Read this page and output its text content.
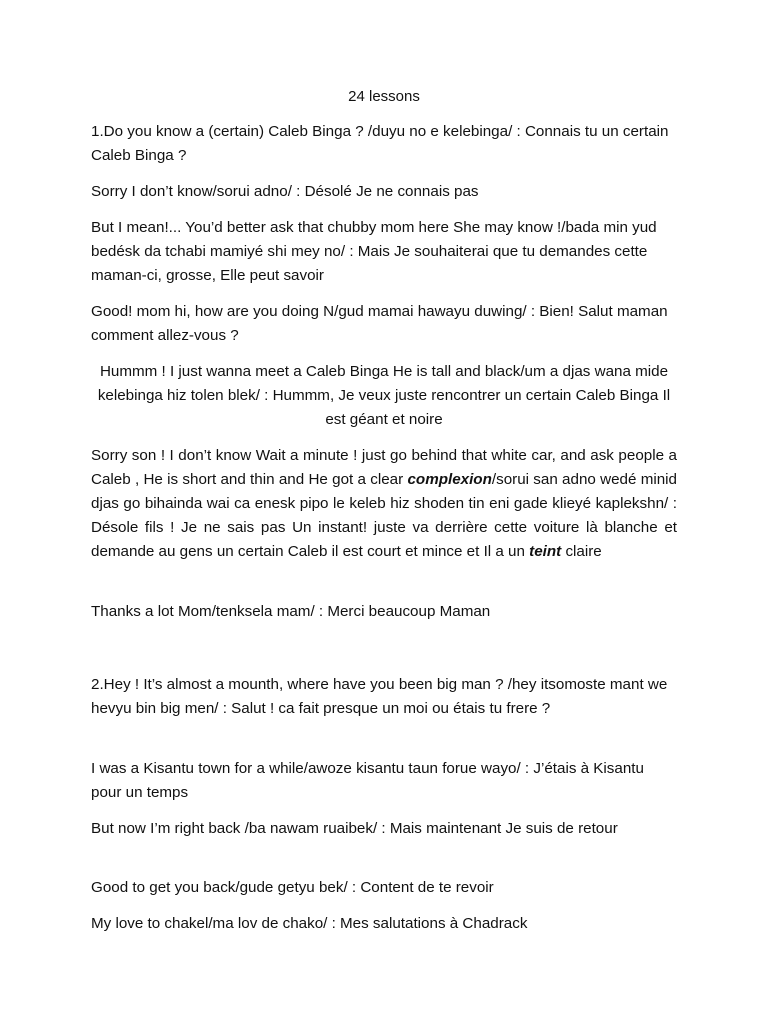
24 lessons

1.Do you know a (certain) Caleb Binga ? /duyu no e kelebinga/ : Connais tu un certain Caleb Binga ?

Sorry I don’t know/sorui adno/ : Désolé Je ne connais pas

But I mean!... You’d better ask that chubby mom here She may know !/bada min yud bedésk da tchabi mamiyé shi mey no/ : Mais Je souhaiterai que tu demandes cette maman-ci, grosse, Elle peut savoir

Good! mom hi, how are you doing N/gud mamai hawayu duwing/ : Bien! Salut maman comment allez-vous ?

Hummm ! I just wanna meet a Caleb Binga He is tall and black/um a djas wana mide kelebinga hiz tolen blek/ : Hummm, Je veux juste rencontrer un certain Caleb Binga Il est géant et noire

Sorry son ! I don’t know Wait a minute ! just go behind that white car, and ask people a Caleb , He is short and thin and He got a clear complexion/sorui san adno wedé minid djas go bihainda wai ca enesk pipo le keleb hiz shoden tin eni gade klieyé kaplekshn/ : Désole fils ! Je ne sais pas Un instant! juste va derrière cette voiture là blanche et demande au gens un certain Caleb il est court et mince et Il a un teint claire

Thanks a lot Mom/tenksela mam/ : Merci beaucoup Maman

2.Hey ! It’s almost a mounth, where have you been big man ? /hey itsomoste mant we hevyu bin big men/ : Salut ! ca fait presque un moi ou étais tu frere ?

I was a Kisantu town for a while/awoze kisantu taun forue wayo/ : J’étais à Kisantu pour un temps

But now I’m right back /ba nawam ruaibek/ : Mais maintenant Je suis de retour

Good to get you back/gude getyu bek/ : Content de te revoir

My love to chakel/ma lov de chako/ : Mes salutations à Chadrack
